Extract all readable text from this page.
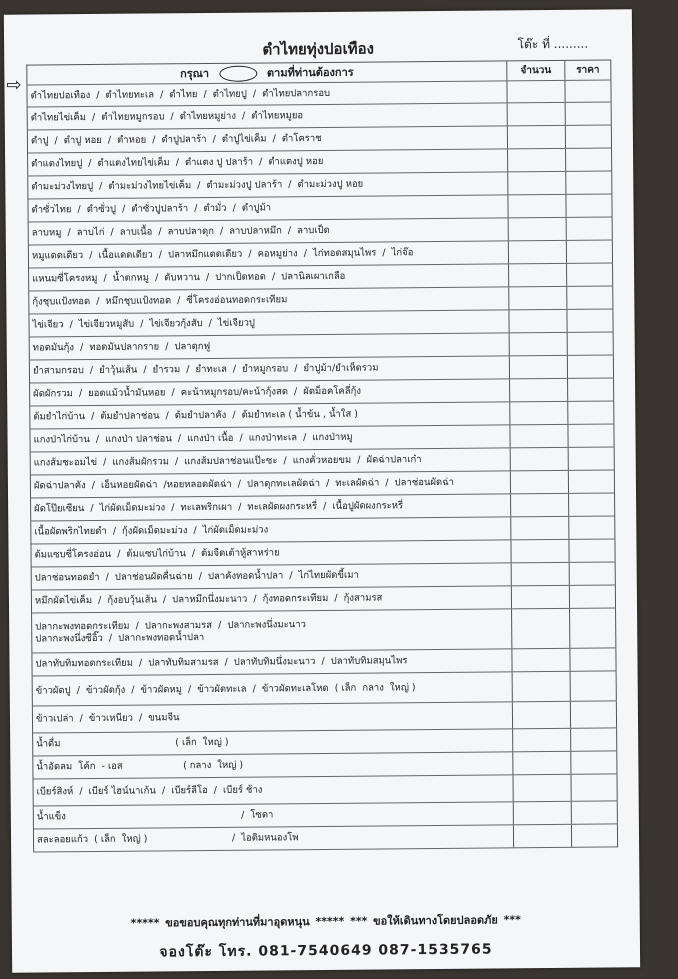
ตำไทยทุ่งปอเทือง	โต๊ะ ที่ .........
⇨
กรุณา ○ ตามที่ท่านต้องการ	จำนวน	ราคา
ตำไทยปอเทือง  /  ตำไทยทะเล  /  ตำไทย  /  ตำไทยปู  /  ตำไทยปลากรอบ
ตำไทยไข่เค็ม  /  ตำไทยหมูกรอบ  /  ตำไทยหมูย่าง  /  ตำไทยหมูยอ
ตำปู  /  ตำปู หอย  /  ตำหอย  /  ตำปูปลาร้า  /  ตำปูไข่เค็ม  /  ตำโคราช
ตำแตงไทยปู  /  ตำแตงไทยไข่เค็ม  /  ตำแตง ปู ปลาร้า  /  ตำแตงปู หอย
ตำมะม่วงไทยปู  /  ตำมะม่วงไทยไข่เค็ม  /  ตำมะม่วงปู ปลาร้า  /  ตำมะม่วงปู หอย
ตำซั่วไทย  /  ตำซั่วปู  /  ตำซั่วปูปลาร้า  /  ตำมั่ว  /  ตำปูม้า
ลาบหมู  /  ลาบไก่  /  ลาบเนื้อ  /  ลาบปลาดุก  /  ลาบปลาหมึก  /  ลาบเป็ด
หมูแดดเดียว  /  เนื้อแดดเดียว  /  ปลาหมึกแดดเดียว  /  คอหมูย่าง  /  ไก่ทอดสมุนไพร  /  ไก่จ๊อ
แหนมซี่โครงหมู  /  น้ำตกหมู  /  ตับหวาน  /  ปากเป็ดทอด  /  ปลานิลเผาเกลือ
กุ้งชุบแป้งทอด  /  หมึกชุบแป้งทอด  /  ซี่โครงอ่อนทอดกระเทียม
ไข่เจียว  /  ไข่เจียวหมูสับ  /  ไข่เจียวกุ้งสับ  /  ไข่เจียวปู
ทอดมันกุ้ง  /  ทอดมันปลากราย  /  ปลาดุกฟู
ยำสามกรอบ  /  ยำวุ้นเส้น  /  ยำรวม  /  ยำทะเล  /  ยำหมูกรอบ  /  ยำปูม้า/ยำเห็ดรวม
ผัดผักรวม  /  ยอดแม้วน้ำมันหอย  /  คะน้าหมูกรอบ/คะน้ากุ้งสด  /  ผัดม็อคโคลี่กุ้ง
ต้มยำไก่บ้าน  /  ต้มยำปลาช่อน  /  ต้มยำปลาคัง  /  ต้มยำทะเล ( น้ำข้น , น้ำใส )
แกงป่าไก่บ้าน  /  แกงป่า ปลาช่อน  /  แกงป่า เนื้อ  /  แกงป่าทะเล  /  แกงป่าหมู
แกงส้มชะอมไข่  /  แกงส้มผักรวม  /  แกงส้มปลาช่อนแป๊ะซะ  /  แกงคั่วหอยขม  /  ผัดฉ่าปลาเก๋า
ผัดฉ่าปลาคัง  /  เอ็นหอยผัดฉ่า  /หอยหลอดผัดฉ่า  /  ปลาดุกทะเลผัดฉ่า  /  ทะเลผัดฉ่า  /  ปลาช่อนผัดฉ่า
ผัดโป๊ยเซียน  /  ไก่ผัดเม็ดมะม่วง  /  ทะเลพริกเผา  /  ทะเลผัดผงกระหรี่  /  เนื้อปูผัดผงกระหรี่
เนื้อผัดพริกไทยดำ  /  กุ้งผัดเม็ดมะม่วง  /  ไก่ผัดเม็ดมะม่วง
ต้มแซบซี่โครงอ่อน  /  ต้มแซบไก่บ้าน  /  ต้มจืดเต้าหู้สาหร่าย
ปลาช่อนทอดยำ  /  ปลาช่อนผัดคื่นฉ่าย  /  ปลาคังทอดน้ำปลา  /  ไก่ไทยผัดขี้เมา
หมึกผัดไข่เค็ม  /  กุ้งอบวุ้นเส้น  /  ปลาหมึกนึ่งมะนาว  /  กุ้งทอดกระเทียม  /  กุ้งสามรส
ปลากะพงทอดกระเทียม  /  ปลากะพงสามรส  /  ปลากะพงนึ่งมะนาว
ปลากะพงนึ่งซีอิ๊ว  /  ปลากะพงทอดน้ำปลา
ปลาทับทิมทอดกระเทียม  /  ปลาทับทิมสามรส  /  ปลาทับทิมนึ่งมะนาว  /  ปลาทับทิมสมุนไพร
ข้าวผัดปู  /  ข้าวผัดกุ้ง  /  ข้าวผัดหมู  /  ข้าวผัดทะเล  /  ข้าวผัดทะเลโหด  ( เล็ก  กลาง  ใหญ่ )
ข้าวเปล่า  /  ข้าวเหนียว  /  ขนมจีน
น้ำดื่ม                                      ( เล็ก  ใหญ่ )
น้ำอัดลม  โค้ก  - เอส                    ( กลาง  ใหญ่ )
เบียร์สิงห์  /  เบียร์ ไฮน์นาเก้น  /  เบียร์ลีโอ  /  เบียร์ ช้าง
น้ำแข็ง                                                          /  โซดา
สละลอยแก้ว  ( เล็ก  ใหญ่ )                            /  ไอติมหนองโพ
***** ขอขอบคุณทุกท่านที่มาอุดหนุน ***** *** ขอให้เดินทางโดยปลอดภัย ***
จองโต๊ะ โทร. 081-7540649 087-1535765
